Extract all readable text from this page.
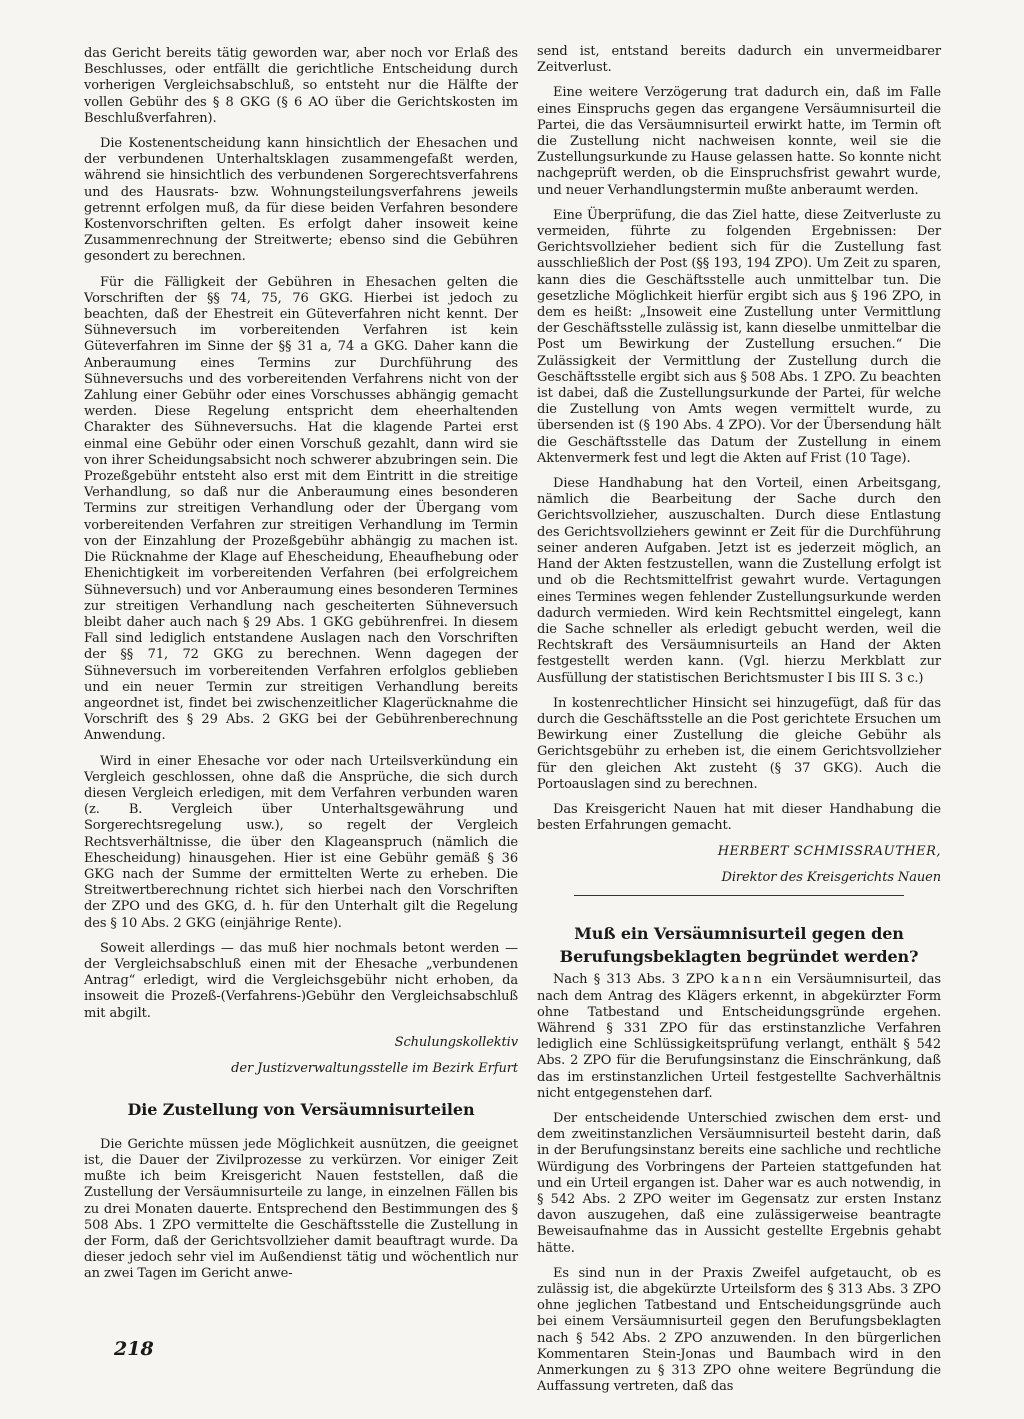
das Gericht bereits tätig geworden war, aber noch vor Erlaß des Beschlusses, oder entfällt die gerichtliche Entscheidung durch vorherigen Vergleichsabschluß, so entsteht nur die Hälfte der vollen Gebühr des § 8 GKG (§ 6 AO über die Gerichtskosten im Beschlußverfahren).

Die Kostenentscheidung kann hinsichtlich der Ehesachen und der verbundenen Unterhaltsklagen zusammengefaßt werden, während sie hinsichtlich des verbundenen Sorgerechtsverfahrens und des Hausrats- bzw. Wohnungsteilungsverfahrens jeweils getrennt erfolgen muß, da für diese beiden Verfahren besondere Kostenvorschriften gelten. Es erfolgt daher insoweit keine Zusammenrechnung der Streitwerte; ebenso sind die Gebühren gesondert zu berechnen.

Für die Fälligkeit der Gebühren in Ehesachen gelten die Vorschriften der §§ 74, 75, 76 GKG. Hierbei ist jedoch zu beachten, daß der Ehestreit ein Güteverfahren nicht kennt. Der Sühneversuch im vorbereitenden Verfahren ist kein Güteverfahren im Sinne der §§ 31 a, 74 a GKG. Daher kann die Anberaumung eines Termins zur Durchführung des Sühneversuchs und des vorbereitenden Verfahrens nicht von der Zahlung einer Gebühr oder eines Vorschusses abhängig gemacht werden. Diese Regelung entspricht dem eheerhaltenden Charakter des Sühneversuchs. Hat die klagende Partei erst einmal eine Gebühr oder einen Vorschuß gezahlt, dann wird sie von ihrer Scheidungsabsicht noch schwerer abzubringen sein. Die Prozeßgebühr entsteht also erst mit dem Eintritt in die streitige Verhandlung, so daß nur die Anberaumung eines besonderen Termins zur streitigen Verhandlung oder der Übergang vom vorbereitenden Verfahren zur streitigen Verhandlung im Termin von der Einzahlung der Prozeßgebühr abhängig zu machen ist. Die Rücknahme der Klage auf Ehescheidung, Eheaufhebung oder Ehenichtigkeit im vorbereitenden Verfahren (bei erfolgreichem Sühneversuch) und vor Anberaumung eines besonderen Termines zur streitigen Verhandlung nach gescheiterten Sühneversuch bleibt daher auch nach § 29 Abs. 1 GKG gebührenfrei. In diesem Fall sind lediglich entstandene Auslagen nach den Vorschriften der §§ 71, 72 GKG zu berechnen. Wenn dagegen der Sühneversuch im vorbereitenden Verfahren erfolglos geblieben und ein neuer Termin zur streitigen Verhandlung bereits angeordnet ist, findet bei zwischenzeitlicher Klagerücknahme die Vorschrift des § 29 Abs. 2 GKG bei der Gebührenberechnung Anwendung.

Wird in einer Ehesache vor oder nach Urteilsverkündung ein Vergleich geschlossen, ohne daß die Ansprüche, die sich durch diesen Vergleich erledigen, mit dem Verfahren verbunden waren (z. B. Vergleich über Unterhaltsgewährung und Sorgerechtsregelung usw.), so regelt der Vergleich Rechtsverhältnisse, die über den Klageanspruch (nämlich die Ehescheidung) hinausgehen. Hier ist eine Gebühr gemäß § 36 GKG nach der Summe der ermittelten Werte zu erheben. Die Streitwertberechnung richtet sich hierbei nach den Vorschriften der ZPO und des GKG, d. h. für den Unterhalt gilt die Regelung des § 10 Abs. 2 GKG (einjährige Rente).

Soweit allerdings — das muß hier nochmals betont werden — der Vergleichsabschluß einen mit der Ehesache „verbundenen Antrag“ erledigt, wird die Vergleichsgebühr nicht erhoben, da insoweit die Prozeß-(Verfahrens-)Gebühr den Vergleichsabschluß mit abgilt.

Schulungskollektiv

der Justizverwaltungsstelle im Bezirk Erfurt

Die Zustellung von Versäumnisurteilen

Die Gerichte müssen jede Möglichkeit ausnützen, die geeignet ist, die Dauer der Zivilprozesse zu verkürzen. Vor einiger Zeit mußte ich beim Kreisgericht Nauen feststellen, daß die Zustellung der Versäumnisurteile zu lange, in einzelnen Fällen bis zu drei Monaten dauerte. Entsprechend den Bestimmungen des § 508 Abs. 1 ZPO vermittelte die Geschäftsstelle die Zustellung in der Form, daß der Gerichtsvollzieher damit beauftragt wurde. Da dieser jedoch sehr viel im Außendienst tätig und wöchentlich nur an zwei Tagen im Gericht anwe-

send ist, entstand bereits dadurch ein unvermeidbarer Zeitverlust.

Eine weitere Verzögerung trat dadurch ein, daß im Falle eines Einspruchs gegen das ergangene Versäumnisurteil die Partei, die das Versäumnisurteil erwirkt hatte, im Termin oft die Zustellung nicht nachweisen konnte, weil sie die Zustellungsurkunde zu Hause gelassen hatte. So konnte nicht nachgeprüft werden, ob die Einspruchsfrist gewahrt wurde, und neuer Verhandlungstermin mußte anberaumt werden.

Eine Überprüfung, die das Ziel hatte, diese Zeitverluste zu vermeiden, führte zu folgenden Ergebnissen: Der Gerichtsvollzieher bedient sich für die Zustellung fast ausschließlich der Post (§§ 193, 194 ZPO). Um Zeit zu sparen, kann dies die Geschäftsstelle auch unmittelbar tun. Die gesetzliche Möglichkeit hierfür ergibt sich aus § 196 ZPO, in dem es heißt: „Insoweit eine Zustellung unter Vermittlung der Geschäftsstelle zulässig ist, kann dieselbe unmittelbar die Post um Bewirkung der Zustellung ersuchen.“ Die Zulässigkeit der Vermittlung der Zustellung durch die Geschäftsstelle ergibt sich aus § 508 Abs. 1 ZPO. Zu beachten ist dabei, daß die Zustellungsurkunde der Partei, für welche die Zustellung von Amts wegen vermittelt wurde, zu übersenden ist (§ 190 Abs. 4 ZPO). Vor der Übersendung hält die Geschäftsstelle das Datum der Zustellung in einem Aktenvermerk fest und legt die Akten auf Frist (10 Tage).

Diese Handhabung hat den Vorteil, einen Arbeitsgang, nämlich die Bearbeitung der Sache durch den Gerichtsvollzieher, auszuschalten. Durch diese Entlastung des Gerichtsvollziehers gewinnt er Zeit für die Durchführung seiner anderen Aufgaben. Jetzt ist es jederzeit möglich, an Hand der Akten festzustellen, wann die Zustellung erfolgt ist und ob die Rechtsmittelfrist gewahrt wurde. Vertagungen eines Termines wegen fehlender Zustellungsurkunde werden dadurch vermieden. Wird kein Rechtsmittel eingelegt, kann die Sache schneller als erledigt gebucht werden, weil die Rechtskraft des Versäumnisurteils an Hand der Akten festgestellt werden kann. (Vgl. hierzu Merkblatt zur Ausfüllung der statistischen Berichtsmuster I bis III S. 3 c.)

In kostenrechtlicher Hinsicht sei hinzugefügt, daß für das durch die Geschäftsstelle an die Post gerichtete Ersuchen um Bewirkung einer Zustellung die gleiche Gebühr als Gerichtsgebühr zu erheben ist, die einem Gerichtsvollzieher für den gleichen Akt zusteht (§ 37 GKG). Auch die Portoauslagen sind zu berechnen.

Das Kreisgericht Nauen hat mit dieser Handhabung die besten Erfahrungen gemacht.

HERBERT SCHMISSRAUTHER,

Direktor des Kreisgerichts Nauen

Muß ein Versäumnisurteil gegen den
Berufungsbeklagten begründet werden?

Nach § 313 Abs. 3 ZPO kann ein Versäumnisurteil, das nach dem Antrag des Klägers erkennt, in abgekürzter Form ohne Tatbestand und Entscheidungsgründe ergehen. Während § 331 ZPO für das erstinstanzliche Verfahren lediglich eine Schlüssigkeitsprüfung verlangt, enthält § 542 Abs. 2 ZPO für die Berufungsinstanz die Einschränkung, daß das im erstinstanzlichen Urteil festgestellte Sachverhältnis nicht entgegenstehen darf.

Der entscheidende Unterschied zwischen dem erst- und dem zweitinstanzlichen Versäumnisurteil besteht darin, daß in der Berufungsinstanz bereits eine sachliche und rechtliche Würdigung des Vorbringens der Parteien stattgefunden hat und ein Urteil ergangen ist. Daher war es auch notwendig, in § 542 Abs. 2 ZPO weiter im Gegensatz zur ersten Instanz davon auszugehen, daß eine zulässigerweise beantragte Beweisaufnahme das in Aussicht gestellte Ergebnis gehabt hätte.

Es sind nun in der Praxis Zweifel aufgetaucht, ob es zulässig ist, die abgekürzte Urteilsform des § 313 Abs. 3 ZPO ohne jeglichen Tatbestand und Entscheidungsgründe auch bei einem Versäumnisurteil gegen den Berufungsbeklagten nach § 542 Abs. 2 ZPO anzuwenden. In den bürgerlichen Kommentaren Stein-Jonas und Baumbach wird in den Anmerkungen zu § 313 ZPO ohne weitere Begründung die Auffassung vertreten, daß das

218
